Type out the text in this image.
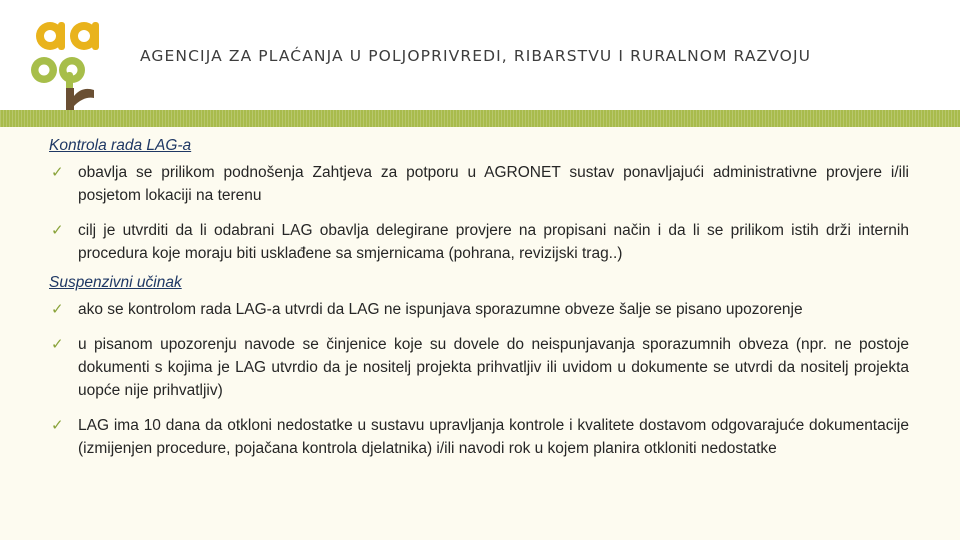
AGENCIJA ZA PLAĆANJA U POLJOPRIVREDI, RIBARSTVU I RURALNOM RAZVOJU

Kontrola rada LAG-a

✓ obavlja se prilikom podnošenja Zahtjeva za potporu u AGRONET sustav ponavljajući administrativne provjere i/ili posjetom lokaciji na terenu
✓ cilj je utvrditi da li odabrani LAG obavlja delegirane provjere na propisani način i da li se prilikom istih drži internih procedura koje moraju biti usklađene sa smjernicama (pohrana, revizijski trag..)

Suspenzivni učinak

✓ ako se kontrolom rada LAG-a utvrdi da LAG ne ispunjava sporazumne obveze šalje se pisano upozorenje
✓ u pisanom upozorenju navode se činjenice koje su dovele do neispunjavanja sporazumnih obveza (npr. ne postoje dokumenti s kojima je LAG utvrdio da je nositelj projekta prihvatljiv ili uvidom u dokumente se utvrdi da nositelj projekta uopće nije prihvatljiv)
✓ LAG ima 10 dana da otkloni nedostatke u sustavu upravljanja kontrole i kvalitete dostavom odgovarajuće dokumentacije (izmijenjen procedure, pojačana kontrola djelatnika) i/ili navodi rok u kojem planira otkloniti nedostatke
